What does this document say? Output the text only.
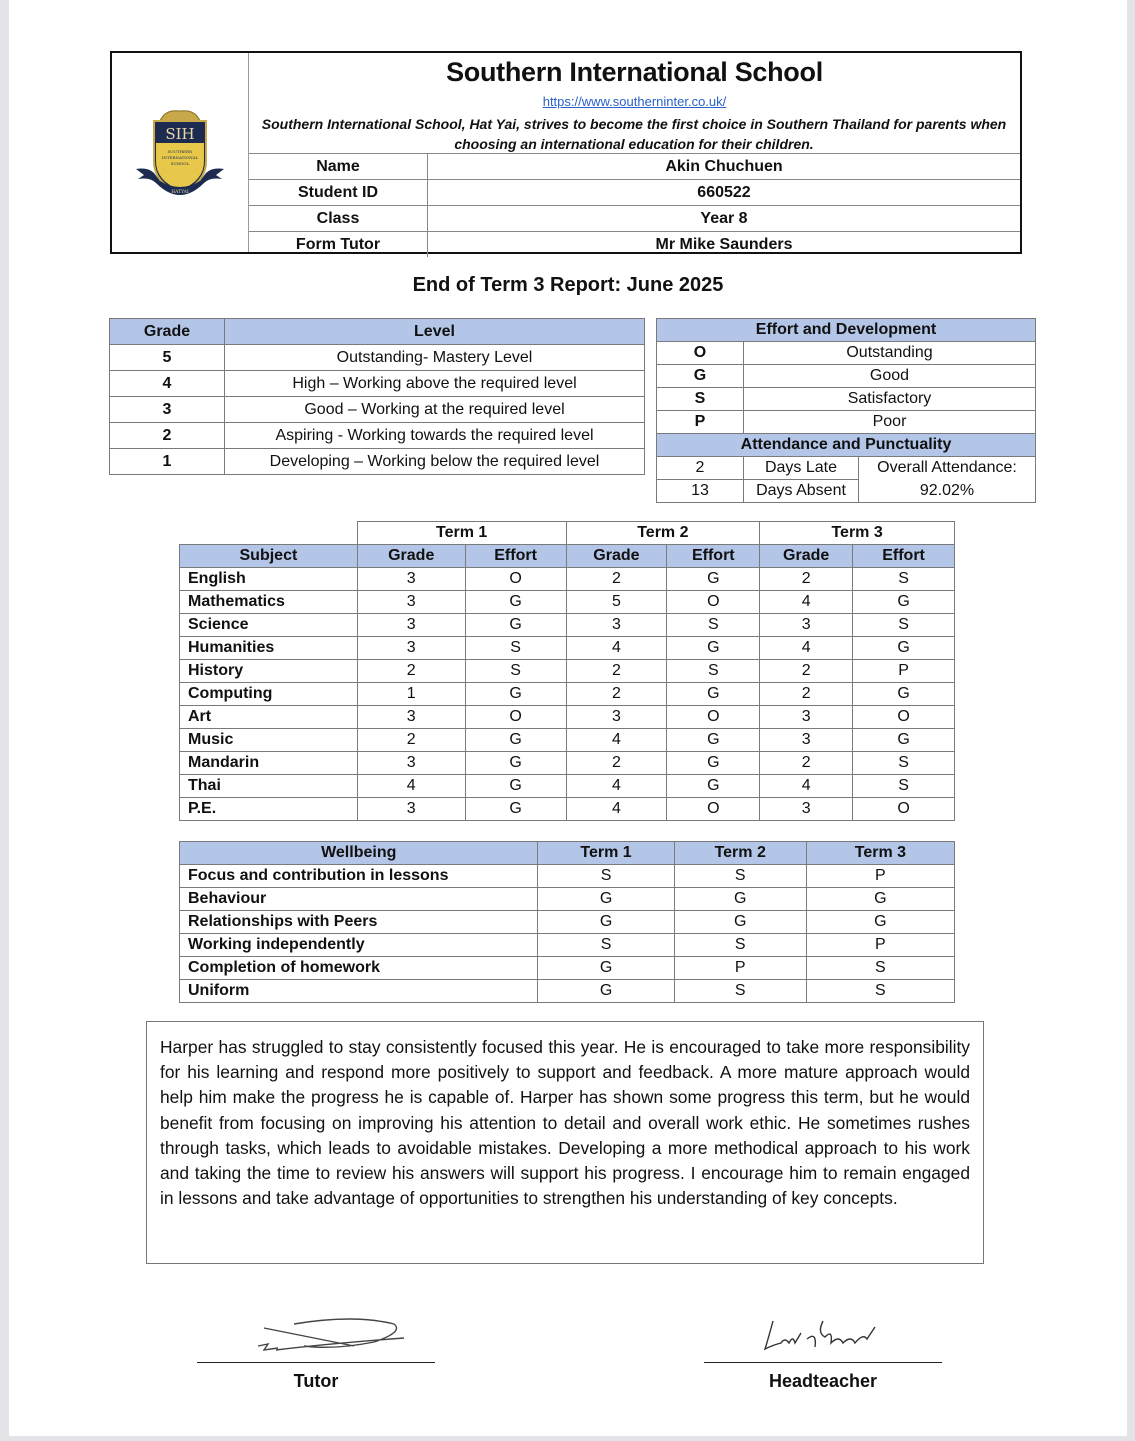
SIH
SOUTHERN
INTERNATIONAL
SCHOOL
HATYAI
Southern International School
https://www.southerninter.co.uk/
Southern International School, Hat Yai, strives to become the first choice in Southern Thailand for parents when choosing an international education for their children.
Name	Akin Chuchuen
Student ID	660522
Class	Year 8
Form Tutor	Mr Mike Saunders
End of Term 3 Report: June 2025
Grade	Level
5	Outstanding- Mastery Level
4	High – Working above the required level
3	Good – Working at the required level
2	Aspiring - Working towards the required level
1	Developing – Working below the required level
Effort and Development		
O	Outstanding	
G	Good	
S	Satisfactory	
P	Poor	
Attendance and Punctuality		
2	Days Late	Overall Attendance:
13	Days Absent	92.02%
	Term 1		Term 2		Term 3	
Subject	Grade	Effort	Grade	Effort	Grade	Effort
English	3	O	2	G	2	S
Mathematics	3	G	5	O	4	G
Science	3	G	3	S	3	S
Humanities	3	S	4	G	4	G
History	2	S	2	S	2	P
Computing	1	G	2	G	2	G
Art	3	O	3	O	3	O
Music	2	G	4	G	3	G
Mandarin	3	G	2	G	2	S
Thai	4	G	4	G	4	S
P.E.	3	G	4	O	3	O
Wellbeing	Term 1	Term 2	Term 3
Focus and contribution in lessons	S	S	P
Behaviour	G	G	G
Relationships with Peers	G	G	G
Working independently	S	S	P
Completion of homework	G	P	S
Uniform	G	S	S
Harper has struggled to stay consistently focused this year. He is encouraged to take more responsibility for his learning and respond more positively to support and feedback. A more mature approach would help him make the progress he is capable of. Harper has shown some progress this term, but he would benefit from focusing on improving his attention to detail and overall work ethic. He sometimes rushes through tasks, which leads to avoidable mistakes. Developing a more methodical approach to his work and taking the time to review his answers will support his progress. I encourage him to remain engaged in lessons and take advantage of opportunities to strengthen his understanding of key concepts.
Tutor	Headteacher
